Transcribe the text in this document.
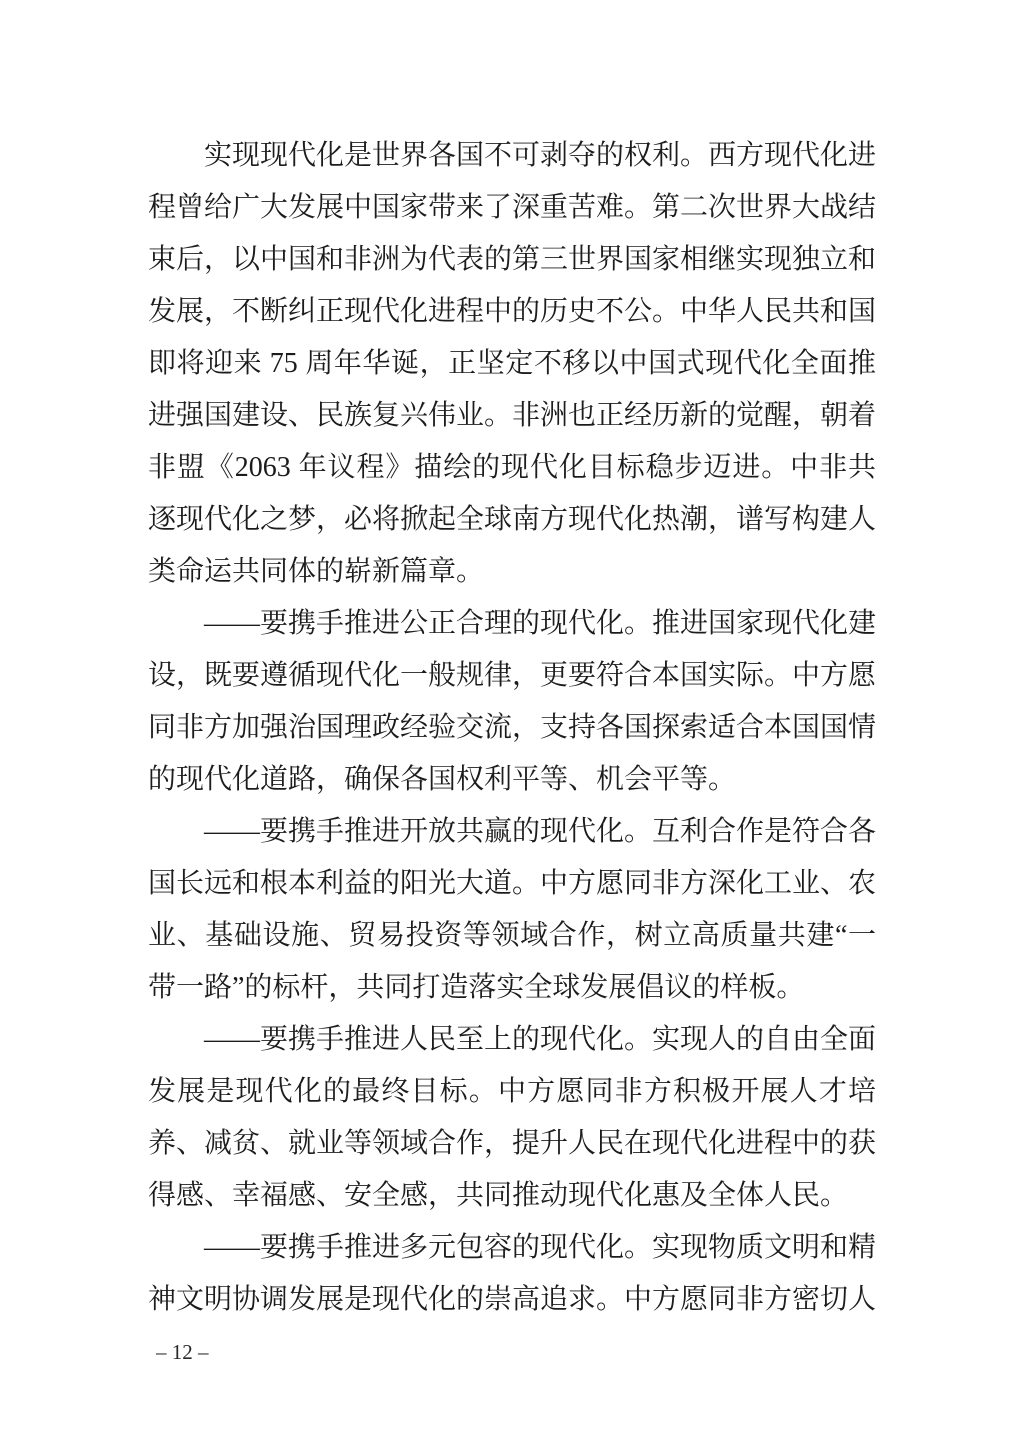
实现现代化是世界各国不可剥夺的权利。西方现代化进程曾给广大发展中国家带来了深重苦难。第二次世界大战结束后，以中国和非洲为代表的第三世界国家相继实现独立和发展，不断纠正现代化进程中的历史不公。中华人民共和国即将迎来 75 周年华诞，正坚定不移以中国式现代化全面推进强国建设、民族复兴伟业。非洲也正经历新的觉醒，朝着非盟《2063 年议程》描绘的现代化目标稳步迈进。中非共逐现代化之梦，必将掀起全球南方现代化热潮，谱写构建人类命运共同体的崭新篇章。

——要携手推进公正合理的现代化。推进国家现代化建设，既要遵循现代化一般规律，更要符合本国实际。中方愿同非方加强治国理政经验交流，支持各国探索适合本国国情的现代化道路，确保各国权利平等、机会平等。

——要携手推进开放共赢的现代化。互利合作是符合各国长远和根本利益的阳光大道。中方愿同非方深化工业、农业、基础设施、贸易投资等领域合作，树立高质量共建“一带一路”的标杆，共同打造落实全球发展倡议的样板。

——要携手推进人民至上的现代化。实现人的自由全面发展是现代化的最终目标。中方愿同非方积极开展人才培养、减贫、就业等领域合作，提升人民在现代化进程中的获得感、幸福感、安全感，共同推动现代化惠及全体人民。

——要携手推进多元包容的现代化。实现物质文明和精神文明协调发展是现代化的崇高追求。中方愿同非方密切人

– 12 –
